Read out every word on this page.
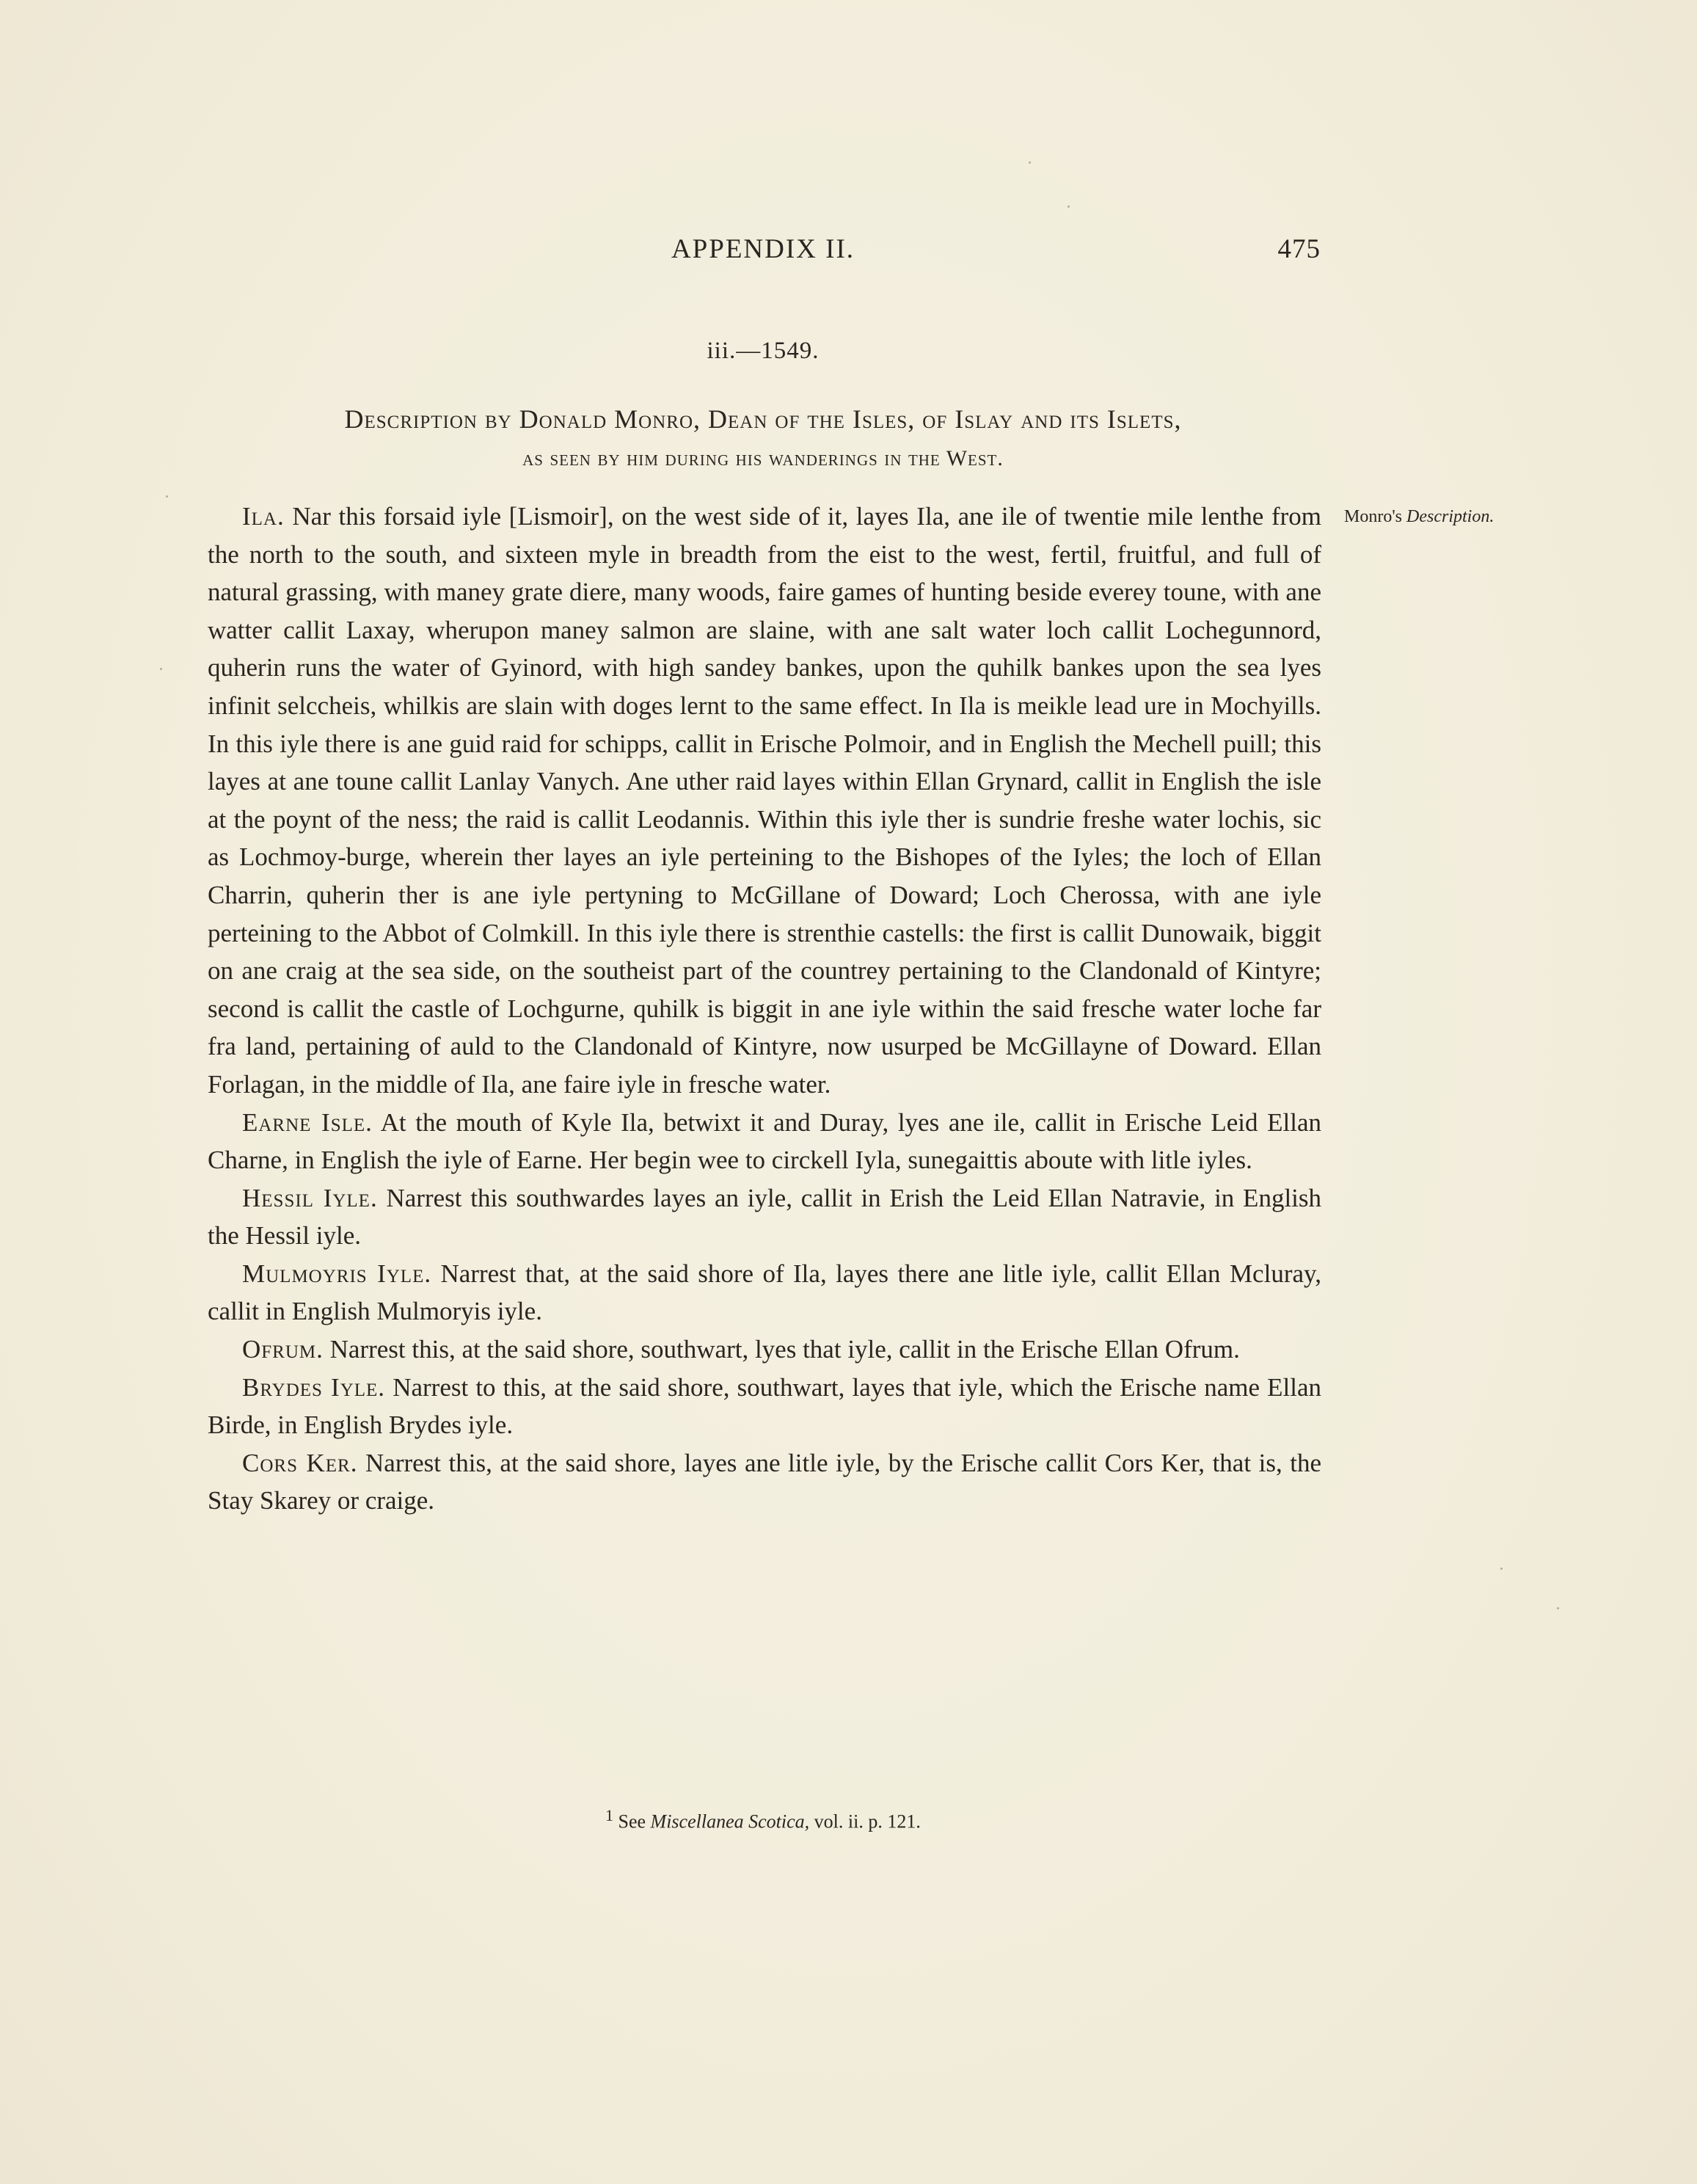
APPENDIX II.	475
iii.—1549.
Description by Donald Monro, Dean of the Isles, of Islay and its Islets,
as seen by him during his wanderings in the West.
Monro's Description.

Ila. Nar this forsaid iyle [Lismoir], on the west side of it, layes Ila, ane ile of twentie mile lenthe from the north to the south, and sixteen myle in breadth from the eist to the west, fertil, fruitful, and full of natural grassing, with maney grate diere, many woods, faire games of hunting beside everey toune, with ane watter callit Laxay, wherupon maney salmon are slaine, with ane salt water loch callit Lochegunnord, quherin runs the water of Gyinord, with high sandey bankes, upon the quhilk bankes upon the sea lyes infinit selccheis, whilkis are slain with doges lernt to the same effect. In Ila is meikle lead ure in Mochyills. In this iyle there is ane guid raid for schipps, callit in Erische Polmoir, and in English the Mechell puill; this layes at ane toune callit Lanlay Vanych. Ane uther raid layes within Ellan Grynard, callit in English the isle at the poynt of the ness; the raid is callit Leodannis. Within this iyle ther is sundrie freshe water lochis, sic as Lochmoy-burge, wherein ther layes an iyle perteining to the Bishopes of the Iyles; the loch of Ellan Charrin, quherin ther is ane iyle pertyning to McGillane of Doward; Loch Cherossa, with ane iyle perteining to the Abbot of Colmkill. In this iyle there is strenthie castells: the first is callit Dunowaik, biggit on ane craig at the sea side, on the southeist part of the countrey pertaining to the Clandonald of Kintyre; second is callit the castle of Lochgurne, quhilk is biggit in ane iyle within the said fresche water loche far fra land, pertaining of auld to the Clandonald of Kintyre, now usurped be McGillayne of Doward. Ellan Forlagan, in the middle of Ila, ane faire iyle in fresche water.

Earne Isle. At the mouth of Kyle Ila, betwixt it and Duray, lyes ane ile, callit in Erische Leid Ellan Charne, in English the iyle of Earne. Her begin wee to circkell Iyla, sunegaittis aboute with litle iyles.

Hessil Iyle. Narrest this southwardes layes an iyle, callit in Erish the Leid Ellan Natravie, in English the Hessil iyle.

Mulmoyris Iyle. Narrest that, at the said shore of Ila, layes there ane litle iyle, callit Ellan Mcluray, callit in English Mulmoryis iyle.

Ofrum. Narrest this, at the said shore, southwart, lyes that iyle, callit in the Erische Ellan Ofrum.

Brydes Iyle. Narrest to this, at the said shore, southwart, layes that iyle, which the Erische name Ellan Birde, in English Brydes iyle.

Cors Ker. Narrest this, at the said shore, layes ane litle iyle, by the Erische callit Cors Ker, that is, the Stay Skarey or craige.

$^1$ See Miscellanea Scotica, vol. ii. p. 121.
